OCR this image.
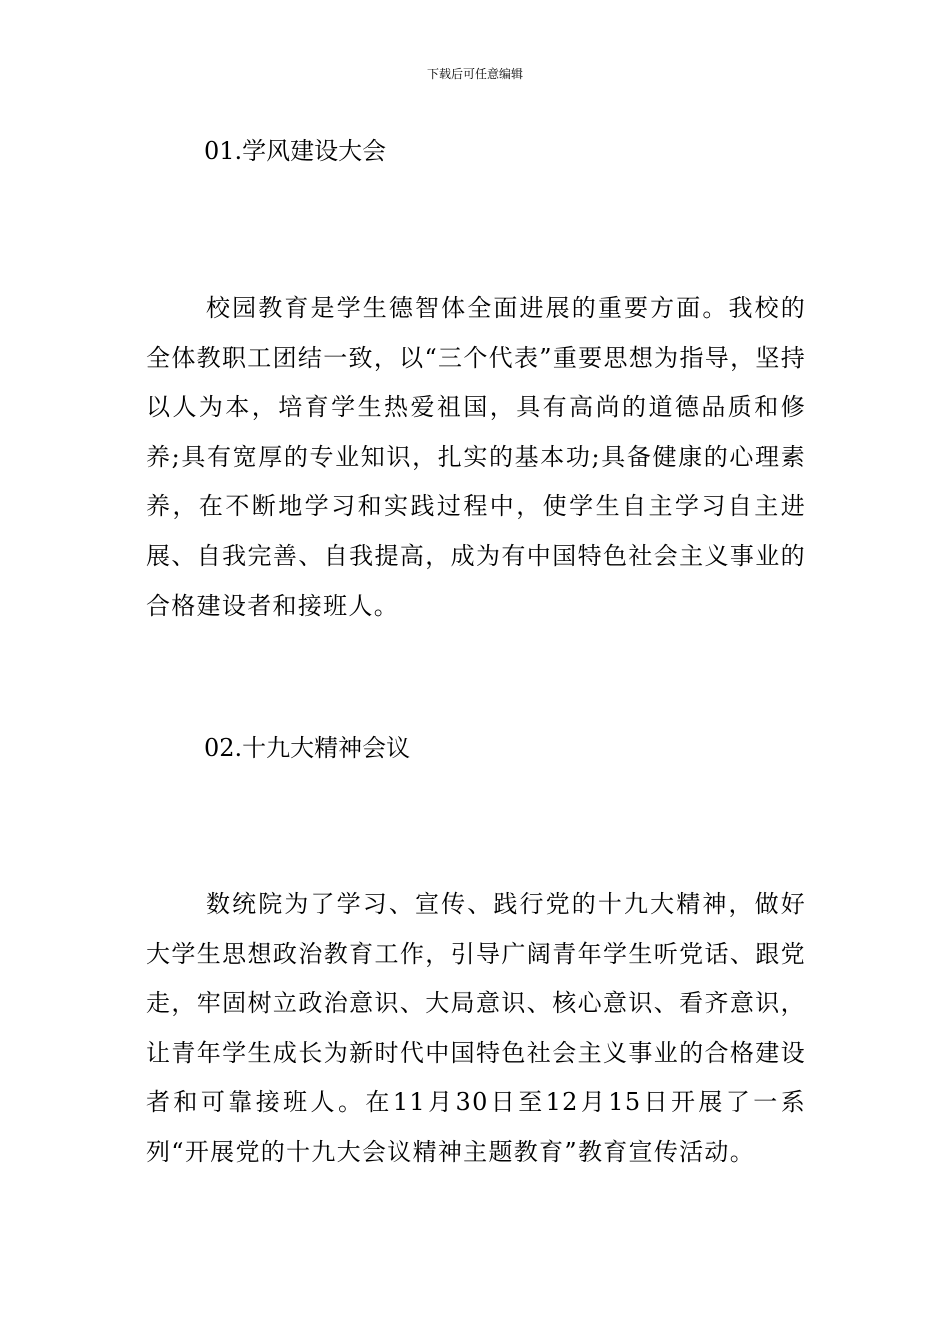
下载后可任意编辑
01.学风建设大会

校园教育是学生德智体全面进展的重要方面。我校的全体教职工团结一致，以“三个代表”重要思想为指导，坚持以人为本，培育学生热爱祖国，具有高尚的道德品质和修养;具有宽厚的专业知识，扎实的基本功;具备健康的心理素养，在不断地学习和实践过程中，使学生自主学习自主进展、自我完善、自我提高，成为有中国特色社会主义事业的合格建设者和接班人。

02.十九大精神会议

数统院为了学习、宣传、践行党的十九大精神，做好大学生思想政治教育工作，引导广阔青年学生听党话、跟党走，牢固树立政治意识、大局意识、核心意识、看齐意识，让青年学生成长为新时代中国特色社会主义事业的合格建设者和可靠接班人。在11月30日至12月15日开展了一系列“开展党的十九大会议精神主题教育”教育宣传活动。
